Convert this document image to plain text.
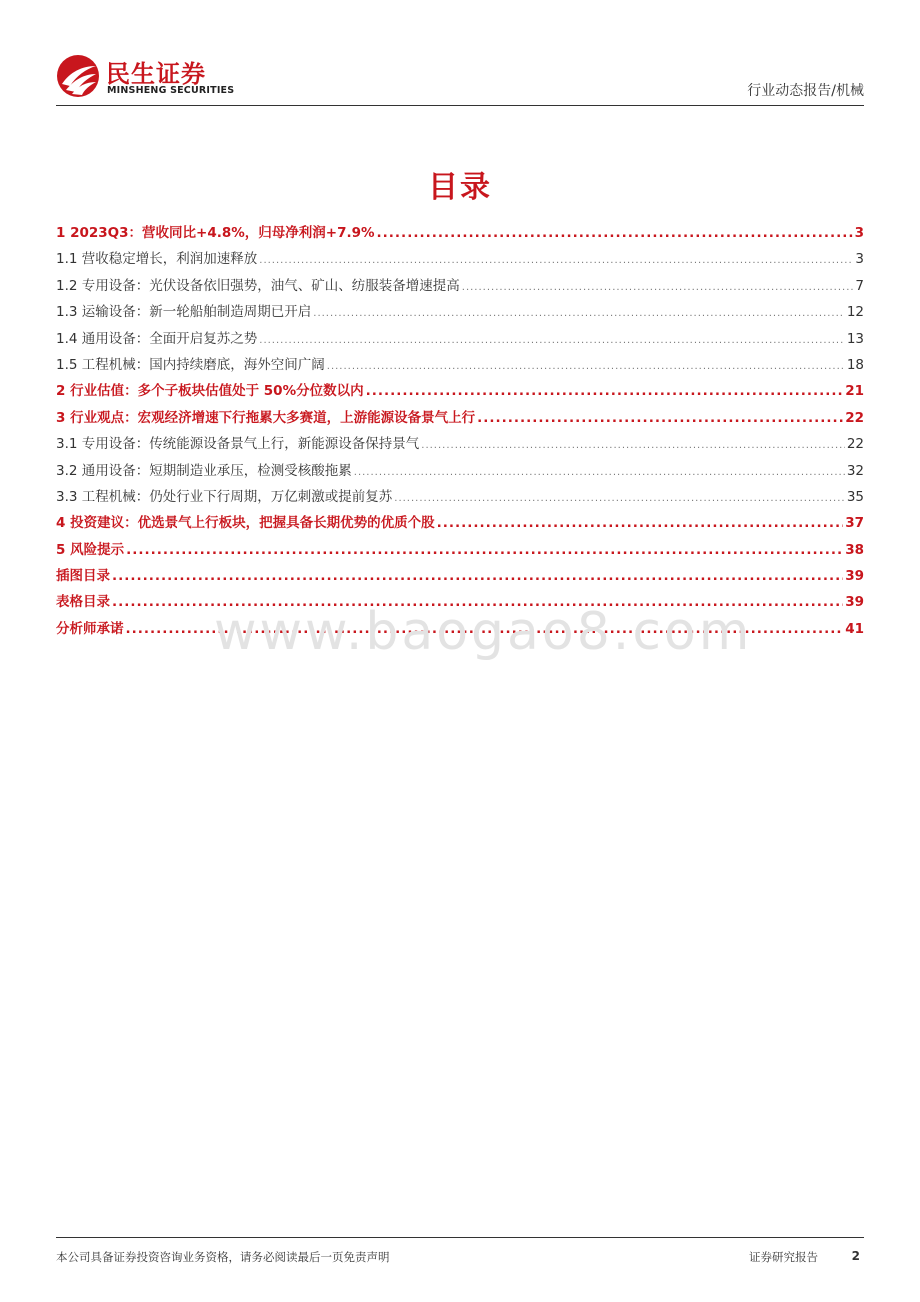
民生证券
MINSHENG SECURITIES	行业动态报告/机械
目录
1 2023Q3：营收同比+4.8%，归母净利润+7.9% .....	3
1.1 营收稳定增长，利润加速释放 .....	3
1.2 专用设备：光伏设备依旧强势，油气、矿山、纺服装备增速提高 .....	7
1.3 运输设备：新一轮船舶制造周期已开启 .....	12
1.4 通用设备：全面开启复苏之势 .....	13
1.5 工程机械：国内持续磨底，海外空间广阔 .....	18
2 行业估值：多个子板块估值处于 50%分位数以内 .....	21
3 行业观点：宏观经济增速下行拖累大多赛道，上游能源设备景气上行 .....	22
3.1 专用设备：传统能源设备景气上行，新能源设备保持景气 .....	22
3.2 通用设备：短期制造业承压，检测受核酸拖累 .....	32
3.3 工程机械：仍处行业下行周期，万亿刺激或提前复苏 .....	35
4 投资建议：优选景气上行板块，把握具备长期优势的优质个股 .....	37
5 风险提示 .....	38
插图目录 .....	39
表格目录 .....	39
分析师承诺 .....	41
www.baogao8.com
本公司具备证券投资咨询业务资格，请务必阅读最后一页免责声明	证券研究报告	2
